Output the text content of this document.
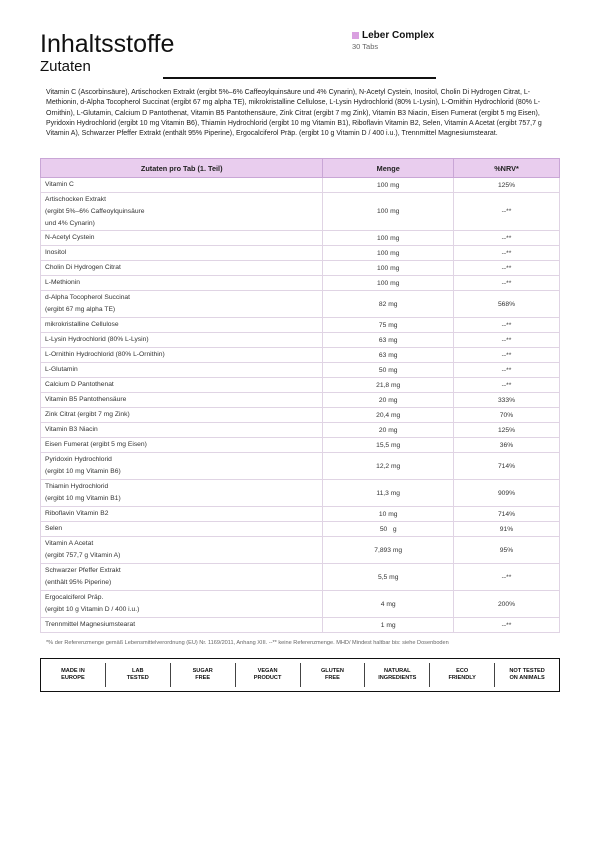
Inhaltsstoffe
Zutaten
Leber Complex
30 Tabs
Vitamin C (Ascorbinsäure), Artischocken Extrakt (ergibt 5%–6% Caffeoylquinsäure und 4% Cynarin), N-Acetyl Cystein, Inositol, Cholin Di Hydrogen Citrat, L-Methionin, d-Alpha Tocopherol Succinat (ergibt 67 mg alpha TE), mikrokristalline Cellulose, L-Lysin Hydrochlorid (80% L-Lysin), L-Ornithin Hydrochlorid (80% L-Ornithin), L-Glutamin, Calcium D Pantothenat, Vitamin B5 Pantothensäure, Zink Citrat (ergibt 7 mg Zink), Vitamin B3 Niacin, Eisen Fumerat (ergibt 5 mg Eisen), Pyridoxin Hydrochlorid (ergibt 10 mg Vitamin B6), Thiamin Hydrochlorid (ergibt 10 mg Vitamin B1), Riboflavin Vitamin B2, Selen, Vitamin A Acetat (ergibt 757,7 g Vitamin A), Schwarzer Pfeffer Extrakt (enthält 95% Piperine), Ergocalciferol Präp. (ergibt 10 g Vitamin D / 400 i.u.), Trennmittel Magnesiumstearat.
Zutaten pro Tab (1. Teil)	Menge	%NRV*
Vitamin C	100 mg	125%
Artischocken Extrakt
(ergibt 5%–6% Caffeoylquinsäure
und 4% Cynarin)	100 mg	--**
N-Acetyl Cystein	100 mg	--**
Inositol	100 mg	--**
Cholin Di Hydrogen Citrat	100 mg	--**
L-Methionin	100 mg	--**
d-Alpha Tocopherol Succinat
(ergibt 67 mg alpha TE)	82 mg	568%
mikrokristalline Cellulose	75 mg	--**
L-Lysin Hydrochlorid (80% L-Lysin)	63 mg	--**
L-Ornithin Hydrochlorid (80% L-Ornithin)	63 mg	--**
L-Glutamin	50 mg	--**
Calcium D Pantothenat	21,8 mg	--**
Vitamin B5 Pantothensäure	20 mg	333%
Zink Citrat (ergibt 7 mg Zink)	20,4 mg	70%
Vitamin B3 Niacin	20 mg	125%
Eisen Fumerat (ergibt 5 mg Eisen)	15,5 mg	36%
Pyridoxin Hydrochlorid
(ergibt 10 mg Vitamin B6)	12,2 mg	714%
Thiamin Hydrochlorid
(ergibt 10 mg Vitamin B1)	11,3 mg	909%
Riboflavin Vitamin B2	10 mg	714%
Selen	50   g	91%
Vitamin A Acetat
(ergibt 757,7 g Vitamin A)	7,893 mg	95%
Schwarzer Pfeffer Extrakt
(enthält 95% Piperine)	5,5 mg	--**
Ergocalciferol Präp.
(ergibt 10 g Vitamin D / 400 i.u.)	4 mg	200%
Trennmittel Magnesiumstearat	1 mg	--**
*% der Referenzmenge gemäß Lebensmittelverordnung (EU) Nr. 1169/2011, Anhang XIII. --** keine Referenzmenge. MHD/ Mindest haltbar bis: siehe Dosenboden
MADE IN
EUROPE
LAB
TESTED
SUGAR
FREE
VEGAN
PRODUCT
GLUTEN
FREE
NATURAL
INGREDIENTS
ECO
FRIENDLY
NOT TESTED
ON ANIMALS
